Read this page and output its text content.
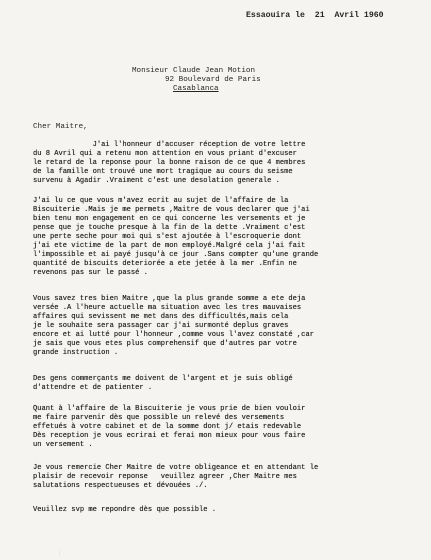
Essaouira le  21  Avril 1960
Monsieur Claude Jean Motion
92 Boulevard de Paris
Casablanca
Cher Maitre,
J'ai l'honneur d'accuser réception de votre lettre
du 8 Avril qui a retenu mon attention en vous priant d'excuser
le retard de la reponse pour la bonne raison de ce que 4 membres
de la famille ont trouvé une mort tragique au cours du seisme
survenu à Agadir .Vraiment c'est une desolation generale .
J'ai lu ce que vous m'avez ecrit au sujet de l'affaire de la
Biscuiterie .Mais je me permets ,Maitre de vous declarer que j'ai
bien tenu mon engagement en ce qui concerne les versements et je
pense que je touche presque à la fin de la dette .Vraiment c'est
une perte seche pour moi qui s'est ajoutée à l'escroquerie dont
j'ai ete victime de la part de mon employé.Malgré cela j'ai fait
l'impossible et ai payé jusqu'à ce jour .Sans compter qu'une grande
quantité de biscuits deteriorée a ete jetée à la mer .Enfin ne
revenons pas sur le passé .
Vous savez tres bien Maitre ,que la plus grande somme a ete deja
versée .A l'heure actuelle ma situation avec les tres mauvaises
affaires qui sevissent me met dans des difficultés,mais cela
je le souhaite sera passager car j'ai surmonté deplus graves
encore et ai lutté pour l'honneur ,comme vous l'avez constaté ,car
je sais que vous etes plus comprehensif que d'autres par votre
grande instruction .
Des gens commerçants me doivent de l'argent et je suis obligé
d'attendre et de patienter .
Quant à l'affaire de la Biscuiterie je vous prie de bien vouloir
me faire parvenir dès que possible un relevé des versements
effetués à votre cabinet et de la somme dont j/ etais redevable
Dès reception je vous ecrirai et ferai mon mieux pour vous faire
un versement .
Je vous remercie Cher Maitre de votre obligeance et en attendant le
plaisir de recevoir reponse   veuillez agreer ,Cher Maitre mes
salutations respectueuses et dévouées ./.
Veuillez svp me repondre dès que possible .
⋮
